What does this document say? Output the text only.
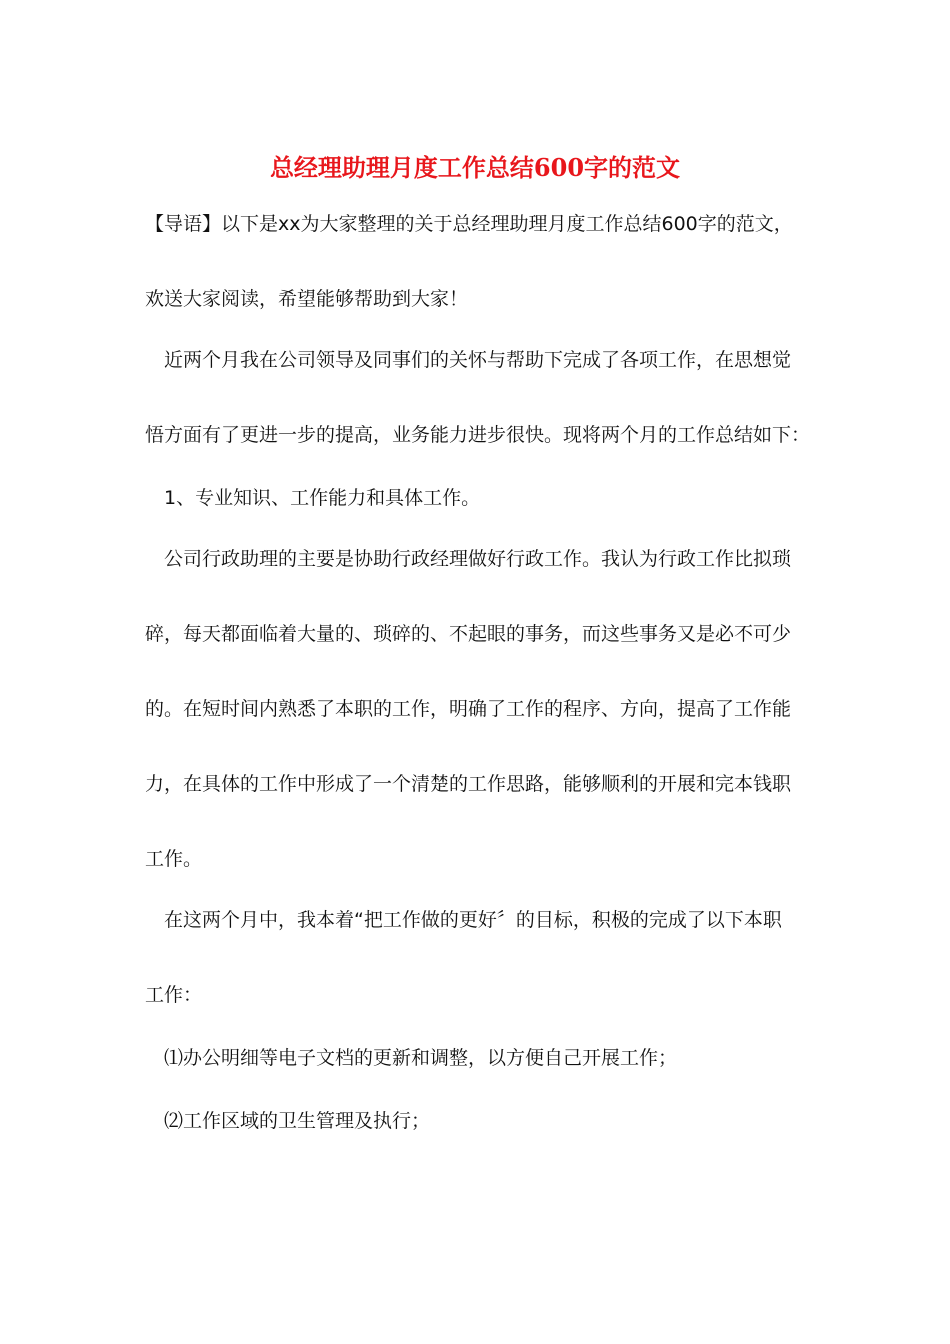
总经理助理月度工作总结600字的范文

【导语】以下是xx为大家整理的关于总经理助理月度工作总结600字的范文，

欢送大家阅读，希望能够帮助到大家！

近两个月我在公司领导及同事们的关怀与帮助下完成了各项工作，在思想觉

悟方面有了更进一步的提高，业务能力进步很快。现将两个月的工作总结如下：

1、专业知识、工作能力和具体工作。

公司行政助理的主要是协助行政经理做好行政工作。我认为行政工作比拟琐

碎，每天都面临着大量的、琐碎的、不起眼的事务，而这些事务又是必不可少

的。在短时间内熟悉了本职的工作，明确了工作的程序、方向，提高了工作能

力，在具体的工作中形成了一个清楚的工作思路，能够顺利的开展和完本钱职

工作。

在这两个月中，我本着“把工作做的更好〞的目标，积极的完成了以下本职

工作：

⑴办公明细等电子文档的更新和调整，以方便自己开展工作；

⑵工作区域的卫生管理及执行；
